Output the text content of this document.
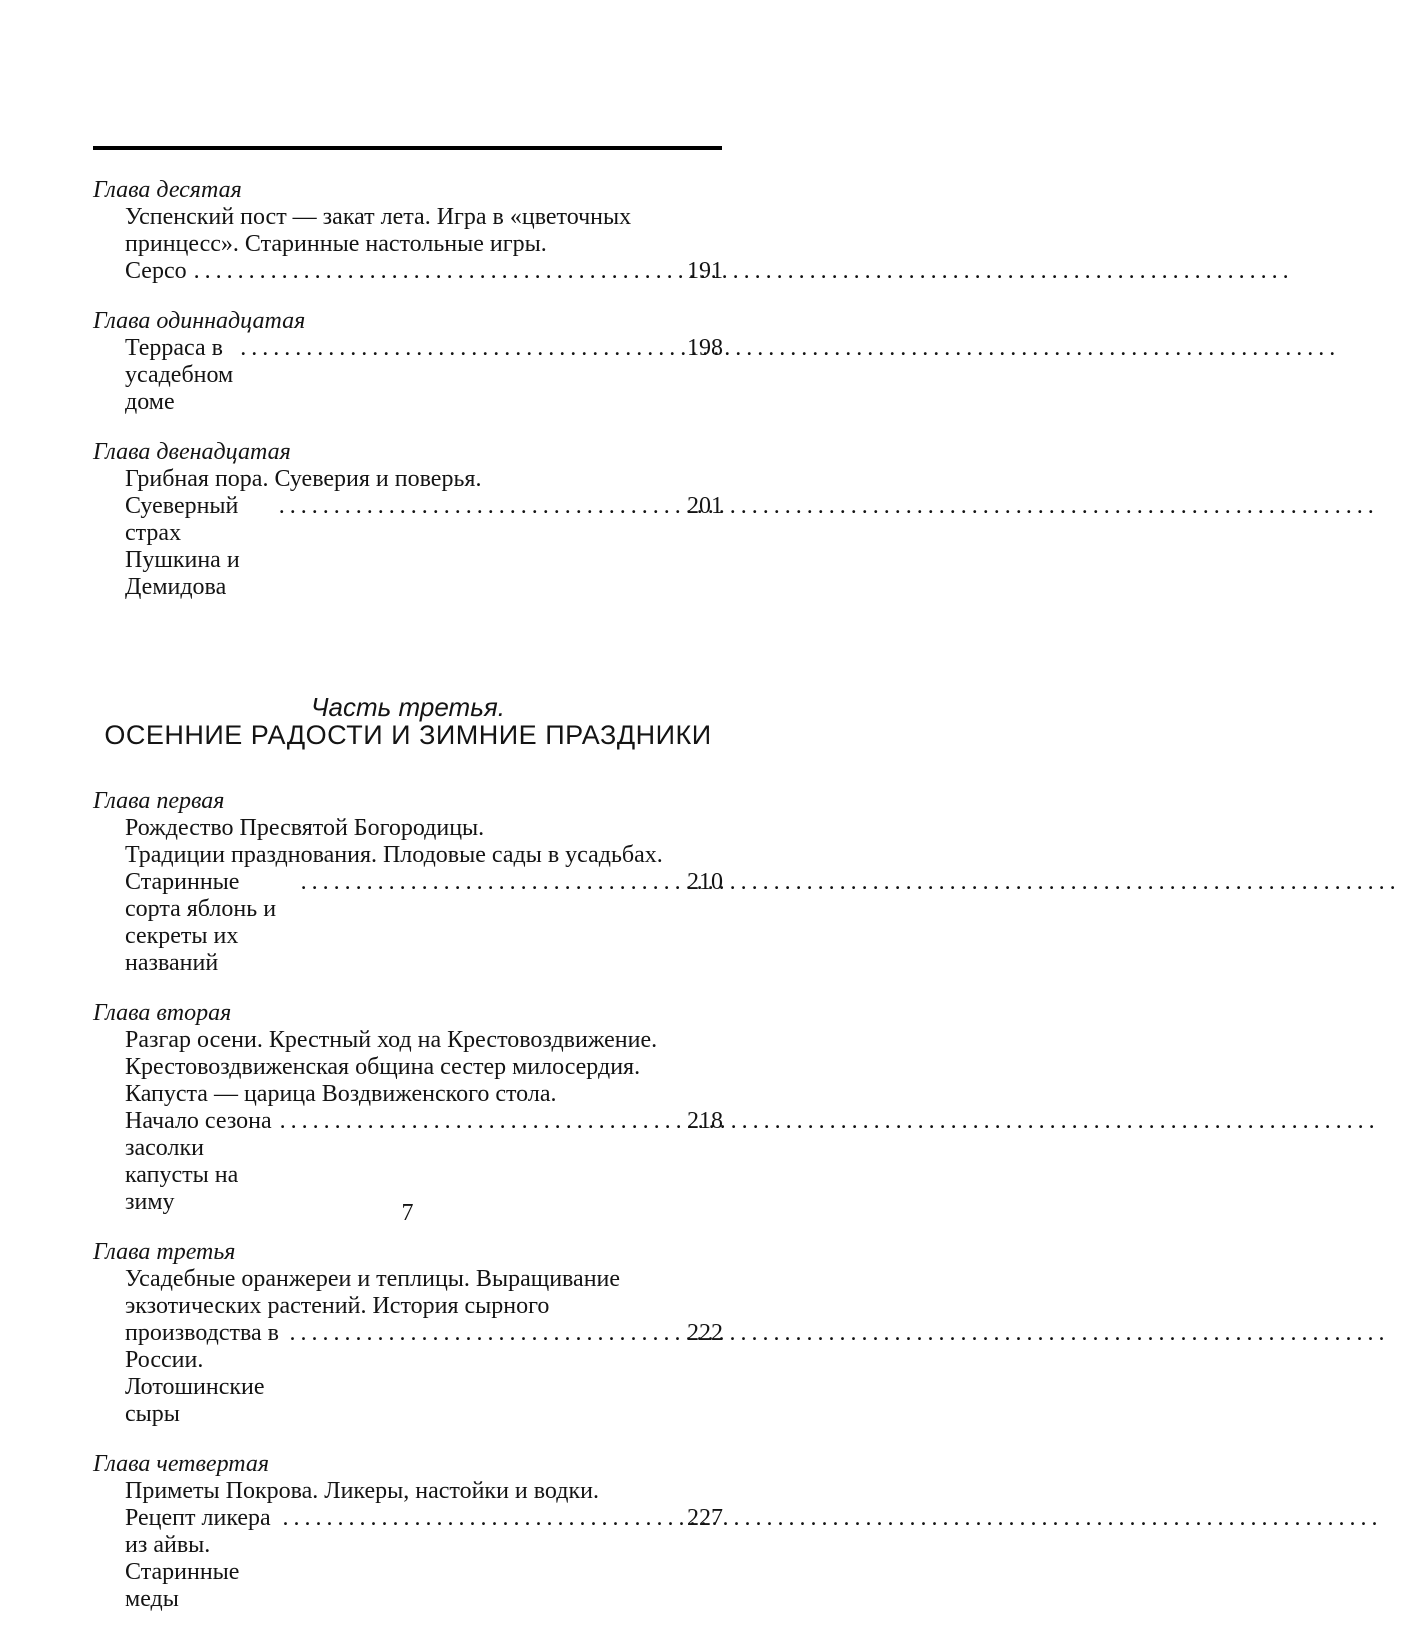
Глава десятая
Успенский пост — закат лета. Игра в «цветочных
принцесс». Старинные настольные игры.
Серсо .....	191
Глава одиннадцатая
Терраса в усадебном доме
.....
198
Глава двенадцатая
Грибная пора. Суеверия и поверья.
Суеверный страх Пушкина и Демидова
.....
201
Часть третья.
ОСЕННИЕ РАДОСТИ И ЗИМНИЕ ПРАЗДНИКИ
Глава первая
Рождество Пресвятой Богородицы.
Традиции празднования. Плодовые сады в усадьбах.
Старинные сорта яблонь и секреты их названий
.....
210
Глава вторая
Разгар осени. Крестный ход на Крестовоздвижение.
Крестовоздвиженская община сестер милосердия.
Капуста — царица Воздвиженского стола.
Начало сезона засолки капусты на зиму
.....
218
Глава третья
Усадебные оранжереи и теплицы. Выращивание
экзотических растений. История сырного
производства в России. Лотошинские сыры
.....
222
Глава четвертая
Приметы Покрова. Ликеры, настойки и водки.
Рецепт ликера из айвы. Старинные меды
.....
227
7
